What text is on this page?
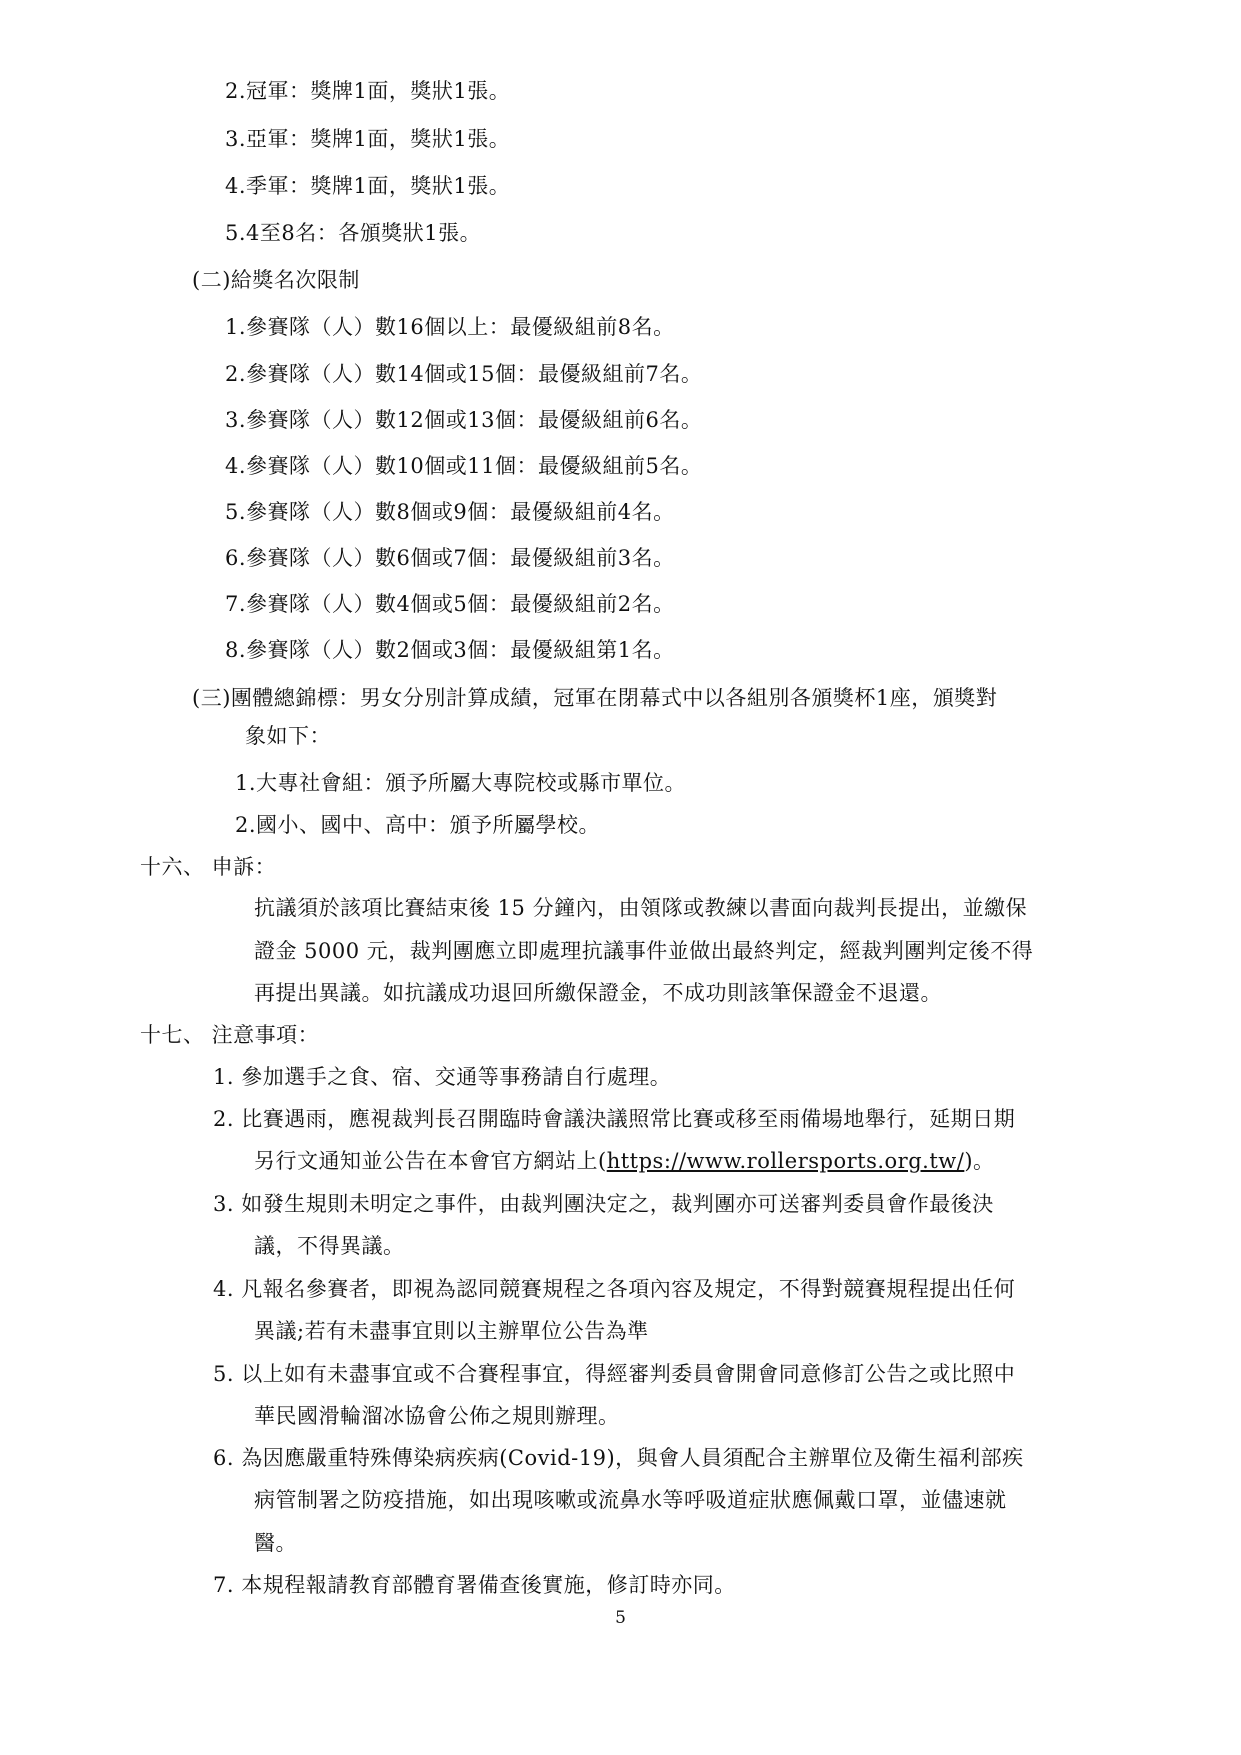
2.冠軍：獎牌1面，獎狀1張。
3.亞軍：獎牌1面，獎狀1張。
4.季軍：獎牌1面，獎狀1張。
5.4至8名：各頒獎狀1張。
(二)給獎名次限制
1.參賽隊（人）數16個以上：最優級組前8名。
2.參賽隊（人）數14個或15個：最優級組前7名。
3.參賽隊（人）數12個或13個：最優級組前6名。
4.參賽隊（人）數10個或11個：最優級組前5名。
5.參賽隊（人）數8個或9個：最優級組前4名。
6.參賽隊（人）數6個或7個：最優級組前3名。
7.參賽隊（人）數4個或5個：最優級組前2名。
8.參賽隊（人）數2個或3個：最優級組第1名。
(三)團體總錦標：男女分別計算成績，冠軍在閉幕式中以各組別各頒獎杯1座，頒獎對
象如下：
1.大專社會組：頒予所屬大專院校或縣市單位。
2.國小、國中、高中：頒予所屬學校。
十六、 申訴：
抗議須於該項比賽結束後 15 分鐘內，由領隊或教練以書面向裁判長提出，並繳保
證金 5000 元，裁判團應立即處理抗議事件並做出最終判定，經裁判團判定後不得
再提出異議。如抗議成功退回所繳保證金，不成功則該筆保證金不退還。
十七、 注意事項：
1. 參加選手之食、宿、交通等事務請自行處理。
2. 比賽遇雨，應視裁判長召開臨時會議決議照常比賽或移至雨備場地舉行，延期日期
另行文通知並公告在本會官方網站上(https://www.rollersports.org.tw/)。
3. 如發生規則未明定之事件，由裁判團決定之，裁判團亦可送審判委員會作最後決
議，不得異議。
4. 凡報名參賽者，即視為認同競賽規程之各項內容及規定，不得對競賽規程提出任何
異議;若有未盡事宜則以主辦單位公告為準
5. 以上如有未盡事宜或不合賽程事宜，得經審判委員會開會同意修訂公告之或比照中
華民國滑輪溜冰協會公佈之規則辦理。
6. 為因應嚴重特殊傳染病疾病(Covid-19)，與會人員須配合主辦單位及衛生福利部疾
病管制署之防疫措施，如出現咳嗽或流鼻水等呼吸道症狀應佩戴口罩，並儘速就
醫。
7. 本規程報請教育部體育署備查後實施，修訂時亦同。
5
